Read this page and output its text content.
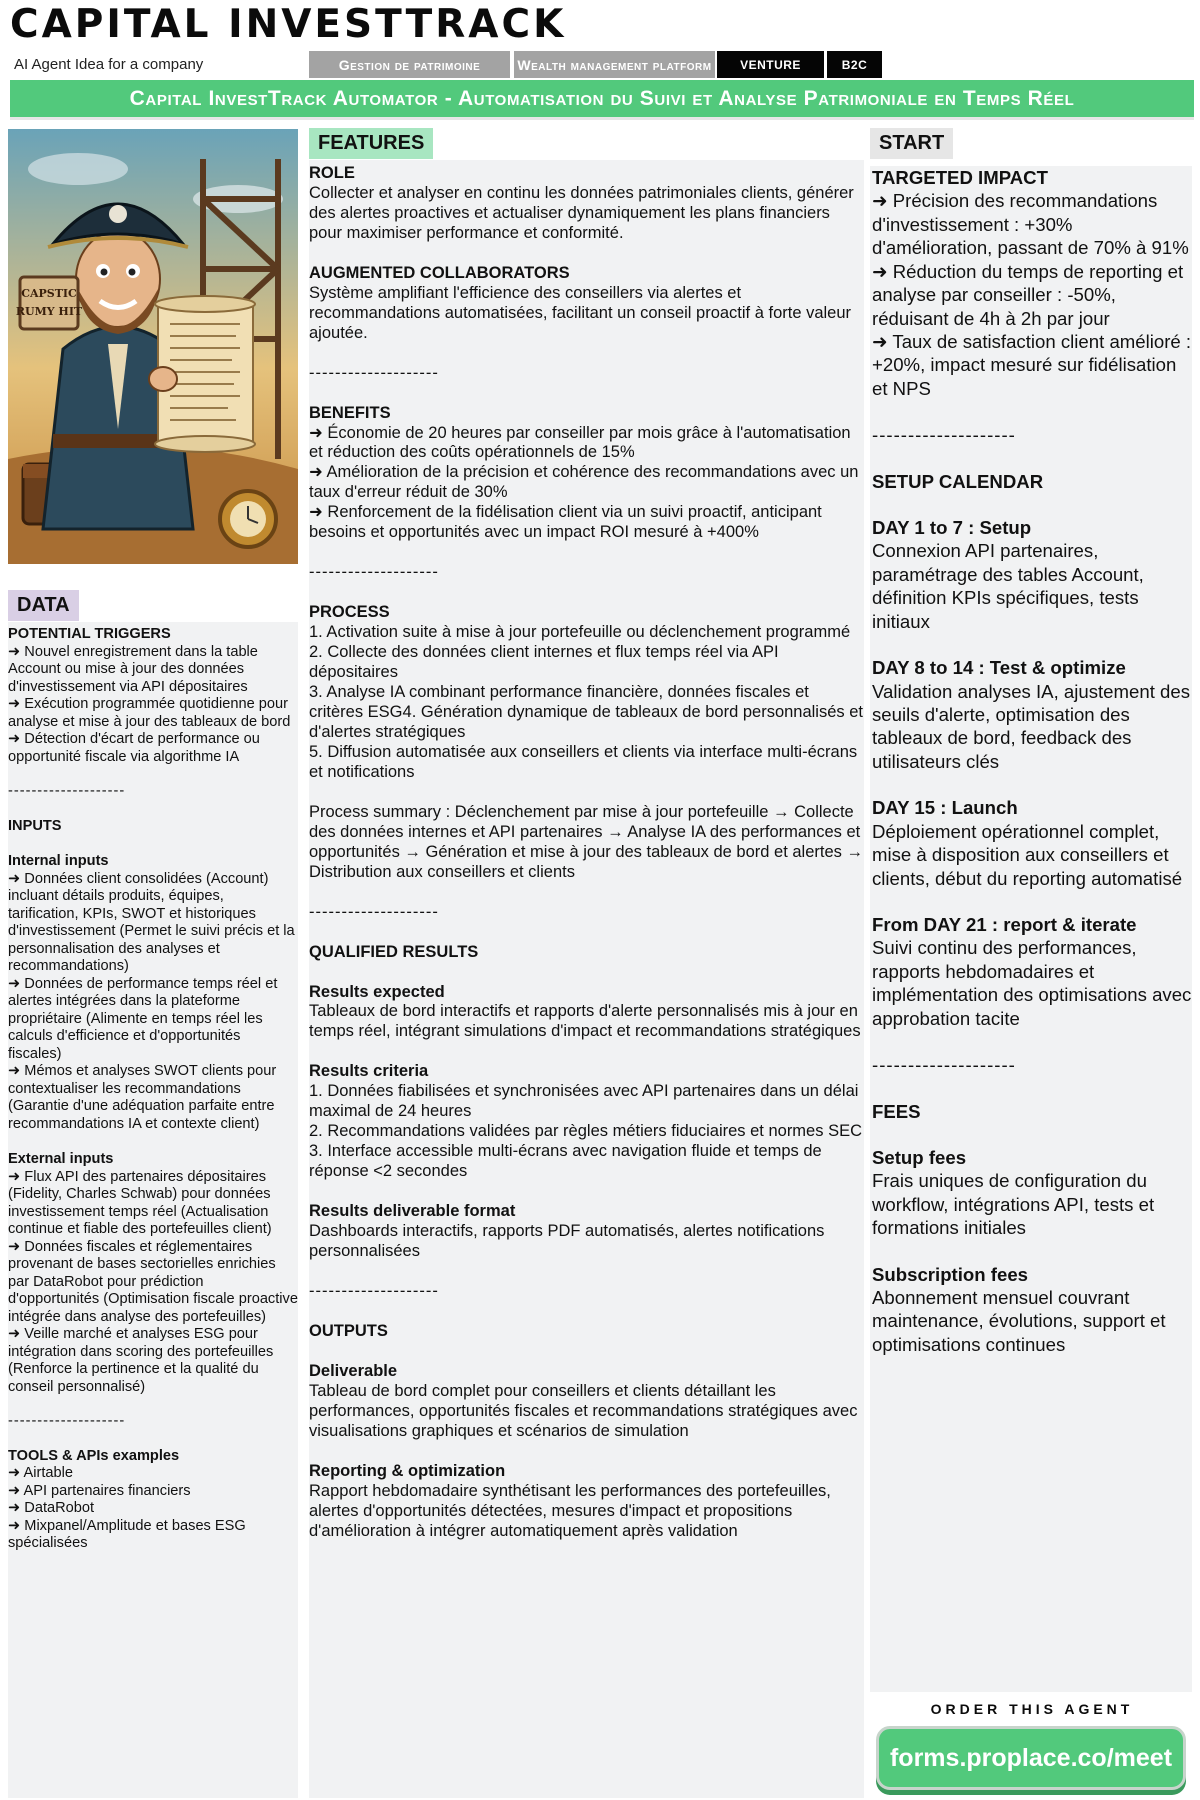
CAPITAL INVESTTRACK
AI Agent Idea for a company	Gestion de patrimoine	Wealth management platform	VENTURE	B2C
Capital InvestTrack Automator - Automatisation du Suivi et Analyse Patrimoniale en Temps Réel
FEATURES	START
DATA
CAPSTIC
RUMY HIT
POTENTIAL TRIGGERS

➜ Nouvel enregistrement dans la table Account ou mise à jour des données d'investissement via API dépositaires

➜ Exécution programmée quotidienne pour analyse et mise à jour des tableaux de bord

➜ Détection d'écart de performance ou opportunité fiscale via algorithme IA

--------------------

INPUTS

Internal inputs

➜ Données client consolidées (Account) incluant détails produits, équipes, tarification, KPIs, SWOT et historiques d'investissement (Permet le suivi précis et la personnalisation des analyses et recommandations)

➜ Données de performance temps réel et alertes intégrées dans la plateforme propriétaire (Alimente en temps réel les calculs d'efficience et d'opportunités fiscales)

➜ Mémos et analyses SWOT clients pour contextualiser les recommandations (Garantie d'une adéquation parfaite entre recommandations IA et contexte client)

External inputs

➜ Flux API des partenaires dépositaires (Fidelity, Charles Schwab) pour données investissement temps réel (Actualisation continue et fiable des portefeuilles client)

➜ Données fiscales et réglementaires provenant de bases sectorielles enrichies par DataRobot pour prédiction d'opportunités (Optimisation fiscale proactive intégrée dans analyse des portefeuilles)

➜ Veille marché et analyses ESG pour intégration dans scoring des portefeuilles (Renforce la pertinence et la qualité du conseil personnalisé)

--------------------

TOOLS & APIs examples

➜ Airtable

➜ API partenaires financiers

➜ DataRobot

➜ Mixpanel/Amplitude et bases ESG spécialisées

ROLE

Collecter et analyser en continu les données patrimoniales clients, générer des alertes proactives et actualiser dynamiquement les plans financiers pour maximiser performance et conformité.

AUGMENTED COLLABORATORS

Système amplifiant l'efficience des conseillers via alertes et recommandations automatisées, facilitant un conseil proactif à forte valeur ajoutée.

--------------------

BENEFITS

➜ Économie de 20 heures par conseiller par mois grâce à l'automatisation et réduction des coûts opérationnels de 15%

➜ Amélioration de la précision et cohérence des recommandations avec un taux d'erreur réduit de 30%

➜ Renforcement de la fidélisation client via un suivi proactif, anticipant besoins et opportunités avec un impact ROI mesuré à +400%

--------------------

PROCESS

1. Activation suite à mise à jour portefeuille ou déclenchement programmé

2. Collecte des données client internes et flux temps réel via API dépositaires

3. Analyse IA combinant performance financière, données fiscales et critères ESG4. Génération dynamique de tableaux de bord personnalisés et d'alertes stratégiques

5. Diffusion automatisée aux conseillers et clients via interface multi-écrans et notifications

Process summary : Déclenchement par mise à jour portefeuille → Collecte des données internes et API partenaires → Analyse IA des performances et opportunités → Génération et mise à jour des tableaux de bord et alertes → Distribution aux conseillers et clients

--------------------

QUALIFIED RESULTS

Results expected

Tableaux de bord interactifs et rapports d'alerte personnalisés mis à jour en temps réel, intégrant simulations d'impact et recommandations stratégiques

Results criteria

1. Données fiabilisées et synchronisées avec API partenaires dans un délai maximal de 24 heures

2. Recommandations validées par règles métiers fiduciaires et normes SEC

3. Interface accessible multi-écrans avec navigation fluide et temps de réponse <2 secondes

Results deliverable format

Dashboards interactifs, rapports PDF automatisés, alertes notifications personnalisées

--------------------

OUTPUTS

Deliverable

Tableau de bord complet pour conseillers et clients détaillant les performances, opportunités fiscales et recommandations stratégiques avec visualisations graphiques et scénarios de simulation

Reporting & optimization

Rapport hebdomadaire synthétisant les performances des portefeuilles, alertes d'opportunités détectées, mesures d'impact et propositions d'amélioration à intégrer automatiquement après validation

TARGETED IMPACT

➜ Précision des recommandations d'investissement : +30% d'amélioration, passant de 70% à 91%

➜ Réduction du temps de reporting et analyse par conseiller : -50%, réduisant de 4h à 2h par jour

➜ Taux de satisfaction client amélioré : +20%, impact mesuré sur fidélisation et NPS

--------------------

SETUP CALENDAR

DAY 1 to 7 : Setup

Connexion API partenaires, paramétrage des tables Account, définition KPIs spécifiques, tests initiaux

DAY 8 to 14 : Test & optimize

Validation analyses IA, ajustement des seuils d'alerte, optimisation des tableaux de bord, feedback des utilisateurs clés

DAY 15 : Launch

Déploiement opérationnel complet, mise à disposition aux conseillers et clients, début du reporting automatisé

From DAY 21 : report & iterate

Suivi continu des performances, rapports hebdomadaires et implémentation des optimisations avec approbation tacite

--------------------

FEES

Setup fees

Frais uniques de configuration du workflow, intégrations API, tests et formations initiales

Subscription fees

Abonnement mensuel couvrant maintenance, évolutions, support et optimisations continues

ORDER THIS AGENT
forms.proplace.co/meet
